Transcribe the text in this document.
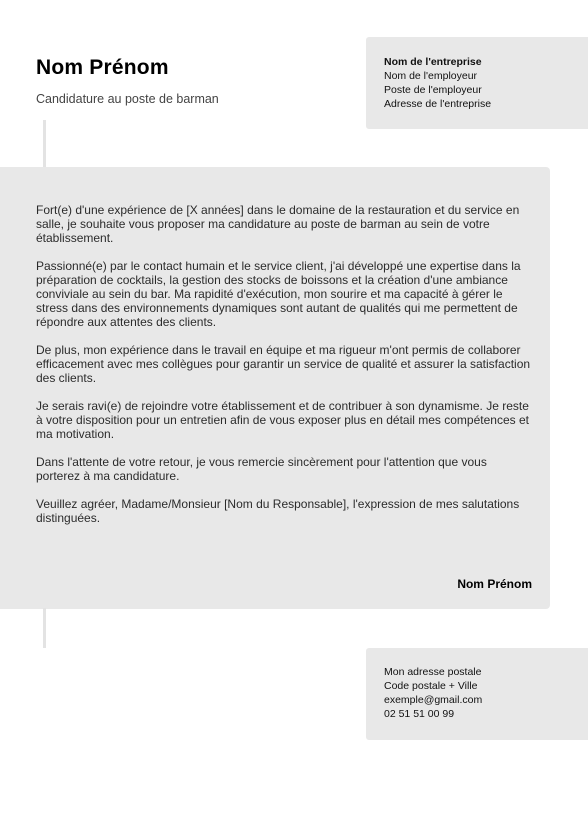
Nom Prénom
Candidature au poste de barman
Nom de l'entreprise
Nom de l'employeur
Poste de l'employeur
Adresse de l'entreprise

Fort(e) d'une expérience de [X années] dans le domaine de la restauration et du service en salle, je souhaite vous proposer ma candidature au poste de barman au sein de votre établissement.

Passionné(e) par le contact humain et le service client, j'ai développé une expertise dans la préparation de cocktails, la gestion des stocks de boissons et la création d'une ambiance conviviale au sein du bar. Ma rapidité d'exécution, mon sourire et ma capacité à gérer le stress dans des environnements dynamiques sont autant de qualités qui me permettent de répondre aux attentes des clients.

De plus, mon expérience dans le travail en équipe et ma rigueur m'ont permis de collaborer efficacement avec mes collègues pour garantir un service de qualité et assurer la satisfaction des clients.

Je serais ravi(e) de rejoindre votre établissement et de contribuer à son dynamisme. Je reste à votre disposition pour un entretien afin de vous exposer plus en détail mes compétences et ma motivation.

Dans l'attente de votre retour, je vous remercie sincèrement pour l'attention que vous porterez à ma candidature.

Veuillez agréer, Madame/Monsieur [Nom du Responsable], l'expression de mes salutations distinguées.

Nom Prénom
Mon adresse postale
Code postale + Ville
exemple@gmail.com
02 51 51 00 99
